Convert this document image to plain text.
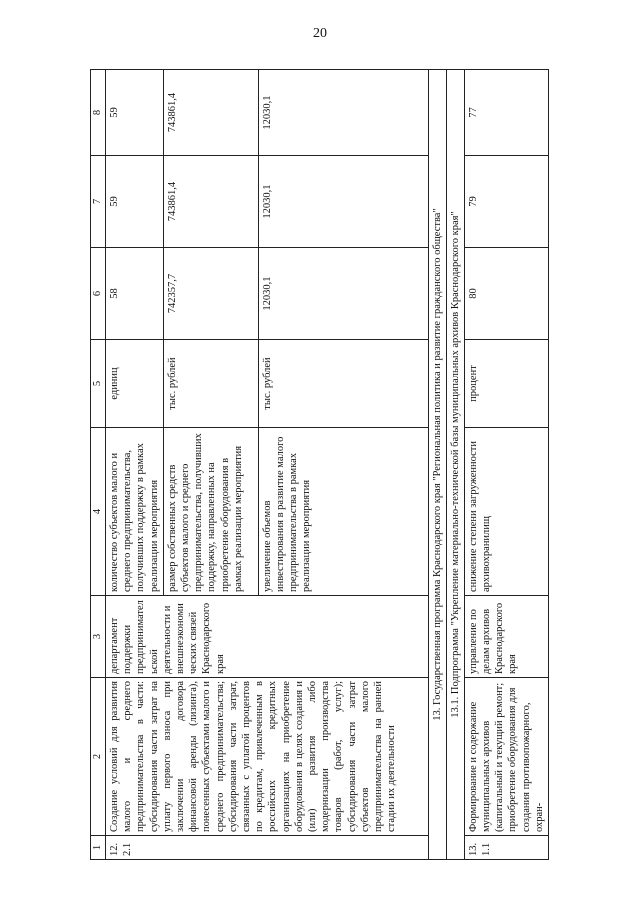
20
1	2	3	4	5	6	7	8
12.2.1	Создание условий для развития малого и среднего предпринимательства в части: субсидирования части затрат на уплату первого взноса при заключении договора финансовой аренды (лизинга), понесенных субъектами малого и среднего предпринимательства; субсидирования части затрат, связанных с уплатой процентов по кредитам, привлеченным в российских кредитных организациях на приобретение оборудования в целях создания и (или) развития либо модернизации производства товаров (работ, услуг); субсидирования части затрат субъектов малого предпринимательства на ранней стадии их деятельности	департамент поддержки предпринимательской деятельности и внешнеэкономических связей Краснодарского края	количество субъектов малого и среднего предпринимательства, получивших поддержку в рамках реализации мероприятия	единиц	58	59	59
			размер собственных средств субъектов малого и среднего предпринимательства, получивших поддержку, направленных на приобретение оборудования в рамках реализации мероприятия	тыс. рублей	742357,7	743861,4	743861,4
			увеличение объемов инвестирования в развитие малого предпринимательства в рамках реализации мероприятия	тыс. рублей	12030,1	12030,1	12030,1
13. Государственная программа Краснодарского края "Региональная политика и развитие гражданского общества"							
13.1. Подпрограмма "Укрепление материально-технической базы муниципальных архивов Краснодарского края"							
13.1.1	Формирование и содержание муниципальных архивов (капитальный и текущий ремонт; приобретение оборудования для создания противопожарного, охран-	управление по делам архивов Краснодарского края	снижение степени загруженности архивохранилищ	процент	80	79	77
